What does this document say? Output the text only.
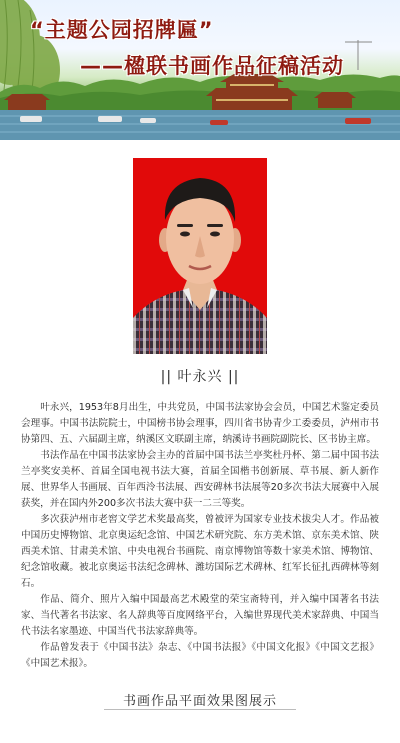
“主题公园招牌匾”
——楹联书画作品征稿活动
|| 叶永兴 ||

叶永兴，1953年8月出生，中共党员，中国书法家协会会员，中国艺术鉴定委员会理事。中国书法院院士，中国榜书协会理事，四川省书协青少工委委员，泸州市书协第四、五、六届副主席，纳溪区文联副主席，纳溪诗书画院副院长、区书协主席。

书法作品在中国书法家协会主办的首届中国书法兰亭奖杜丹杯、第二届中国书法兰亭奖安美杯、首届全国电视书法大赛，首届全国楷书创新展、草书展、新人新作展、世界华人书画展、百年西泠书法展、西安碑林书法展等20多次书法大展赛中入展获奖，并在国内外200多次书法大赛中获一二三等奖。

多次获泸州市老窖文学艺术奖最高奖，曾被评为国家专业技术拔尖人才。作品被中国历史博物馆、北京奥运纪念馆、中国艺术研究院、东方美术馆、京东美术馆、陕西美术馆、甘肃美术馆、中央电视台书画院、南京博物馆等数十家美术馆、博物馆、纪念馆收藏。被北京奥运书法纪念碑林、潍坊国际艺术碑林、红军长征扎西碑林等刻石。

作品、简介、照片入编中国最高艺术殿堂的荣宝斋特刊，并入编中国著名书法家、当代著名书法家、名人辞典等百度网络平台，入编世界现代美术家辞典、中国当代书法名家墨迹、中国当代书法家辞典等。

作品曾发表于《中国书法》杂志、《中国书法报》《中国文化报》《中国文艺报》《中国艺术报》。

书画作品平面效果图展示
